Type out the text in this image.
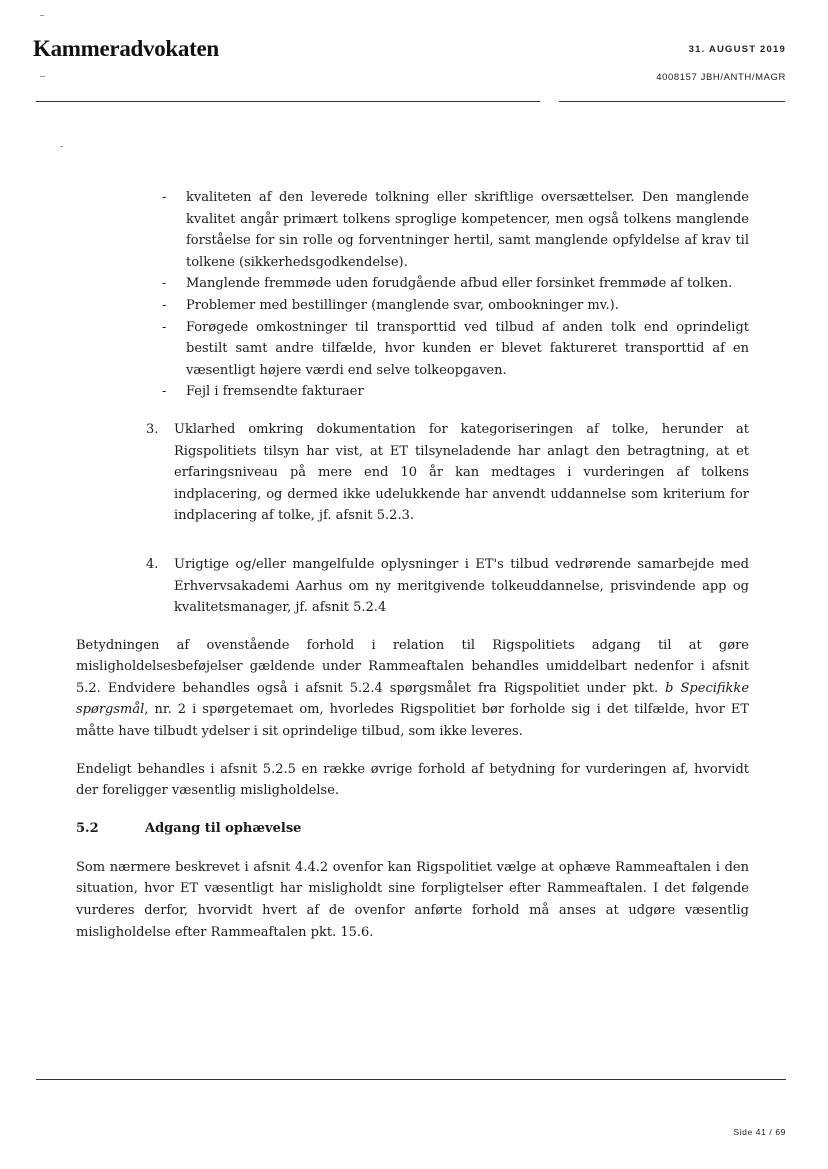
Kammeradvokaten	31. AUGUST 2019
4008157 JBH/ANTH/MAGR
- kvaliteten af den leverede tolkning eller skriftlige oversættelser. Den manglende kvalitet angår primært tolkens sproglige kompetencer, men også tolkens manglende forståelse for sin rolle og forventninger hertil, samt manglende opfyldelse af krav til tolkene (sikkerhedsgodkendelse).
- Manglende fremmøde uden forudgående afbud eller forsinket fremmøde af tolken.
- Problemer med bestillinger (manglende svar, ombookninger mv.).
- Forøgede omkostninger til transporttid ved tilbud af anden tolk end oprindeligt bestilt samt andre tilfælde, hvor kunden er blevet faktureret transporttid af en væsentligt højere værdi end selve tolkeopgaven.
- Fejl i fremsendte fakturaer
3. Uklarhed omkring dokumentation for kategoriseringen af tolke, herunder at Rigspolitiets tilsyn har vist, at ET tilsyneladende har anlagt den betragtning, at et erfaringsniveau på mere end 10 år kan medtages i vurderingen af tolkens indplacering, og dermed ikke udelukkende har anvendt uddannelse som kriterium for indplacering af tolke, jf. afsnit 5.2.3.
4. Urigtige og/eller mangelfulde oplysninger i ET's tilbud vedrørende samarbejde med Erhvervsakademi Aarhus om ny meritgivende tolkeuddannelse, prisvindende app og kvalitetsmanager, jf. afsnit 5.2.4

Betydningen af ovenstående forhold i relation til Rigspolitiets adgang til at gøre misligholdelsesbeføjelser gældende under Rammeaftalen behandles umiddelbart nedenfor i afsnit 5.2. Endvidere behandles også i afsnit 5.2.4 spørgsmålet fra Rigspolitiet under pkt. b Specifikke spørgsmål, nr. 2 i spørgetemaet om, hvorledes Rigspolitiet bør forholde sig i det tilfælde, hvor ET måtte have tilbudt ydelser i sit oprindelige tilbud, som ikke leveres.

Endeligt behandles i afsnit 5.2.5 en række øvrige forhold af betydning for vurderingen af, hvorvidt der foreligger væsentlig misligholdelse.

5.2	Adgang til ophævelse

Som nærmere beskrevet i afsnit 4.4.2 ovenfor kan Rigspolitiet vælge at ophæve Rammeaftalen i den situation, hvor ET væsentligt har misligholdt sine forpligtelser efter Rammeaftalen. I det følgende vurderes derfor, hvorvidt hvert af de ovenfor anførte forhold må anses at udgøre væsentlig misligholdelse efter Rammeaftalen pkt. 15.6.

Side 41 / 69
